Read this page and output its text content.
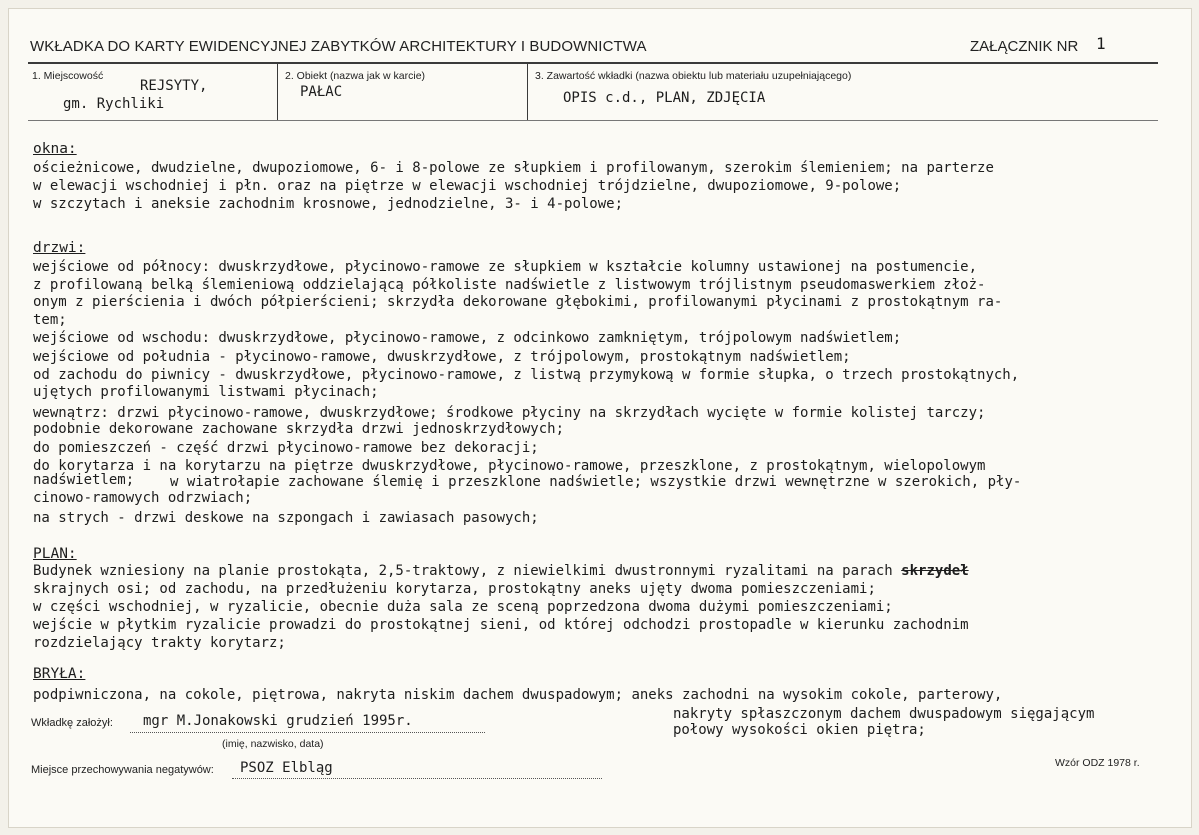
WKŁADKA DO KARTY EWIDENCYJNEJ ZABYTKÓW ARCHITEKTURY I BUDOWNICTWA	ZAŁĄCZNIK NR 1
1. Miejscowość
REJSYTY,
gm. Rychliki
2. Obiekt (nazwa jak w karcie)
PAŁAC
3. Zawartość wkładki (nazwa obiektu lub materiału uzupełniającego)
OPIS c.d., PLAN, ZDJĘCIA
okna:
ościeżnicowe, dwudzielne, dwupoziomowe, 6- i 8-polowe ze słupkiem i profilowanym, szerokim ślemieniem; na parterze
w elewacji wschodniej i płn. oraz na piętrze w elewacji wschodniej trójdzielne, dwupoziomowe, 9-polowe;
w szczytach i aneksie zachodnim krosnowe, jednodzielne, 3- i 4-polowe;
drzwi:
wejściowe od północy: dwuskrzydłowe, płycinowo-ramowe ze słupkiem w kształcie kolumny ustawionej na postumencie,
z profilowaną belką ślemieniową oddzielającą półkoliste nadświetle z listwowym trójlistnym pseudomaswerkiem złoż-
onym z pierścienia i dwóch półpierścieni; skrzydła dekorowane głębokimi, profilowanymi płycinami z prostokątnym ra-
tem;
wejściowe od wschodu: dwuskrzydłowe, płycinowo-ramowe, z odcinkowo zamkniętym, trójpolowym nadświetlem;
wejściowe od południa - płycinowo-ramowe, dwuskrzydłowe, z trójpolowym, prostokątnym nadświetlem;
od zachodu do piwnicy - dwuskrzydłowe, płycinowo-ramowe, z listwą przymykową w formie słupka, o trzech prostokątnych,
ujętych profilowanymi listwami płycinach;
wewnątrz: drzwi płycinowo-ramowe, dwuskrzydłowe; środkowe płyciny na skrzydłach wycięte w formie kolistej tarczy;
podobnie dekorowane zachowane skrzydła drzwi jednoskrzydłowych;
do pomieszczeń - część drzwi płycinowo-ramowe bez dekoracji;
do korytarza i na korytarzu na piętrze dwuskrzydłowe, płycinowo-ramowe, przeszklone, z prostokątnym, wielopolowym
nadświetlem;	w wiatrołapie zachowane ślemię i przeszklone nadświetle; wszystkie drzwi wewnętrzne w szerokich, pły-
cinowo-ramowych odrzwiach;
na strych - drzwi deskowe na szpongach i zawiasach pasowych;
PLAN:
Budynek wzniesiony na planie prostokąta, 2,5-traktowy, z niewielkimi dwustronnymi ryzalitami na parach skrzydeł
skrajnych osi; od zachodu, na przedłużeniu korytarza, prostokątny aneks ujęty dwoma pomieszczeniami;
w części wschodniej, w ryzalicie, obecnie duża sala ze sceną poprzedzona dwoma dużymi pomieszczeniami;
wejście w płytkim ryzalicie prowadzi do prostokątnej sieni, od której odchodzi prostopadle w kierunku zachodnim
rozdzielający trakty korytarz;
BRYŁA:
podpiwniczona, na cokole, piętrowa, nakryta niskim dachem dwuspadowym; aneks zachodni na wysokim cokole, parterowy,
nakryty spłaszczonym dachem dwuspadowym sięgającym
połowy wysokości okien piętra;
Wkładkę założył: mgr M.Jonakowski grudzień 1995r.
(imię, nazwisko, data)
Miejsce przechowywania negatywów: PSOZ Elbląg	Wzór ODZ 1978 r.
